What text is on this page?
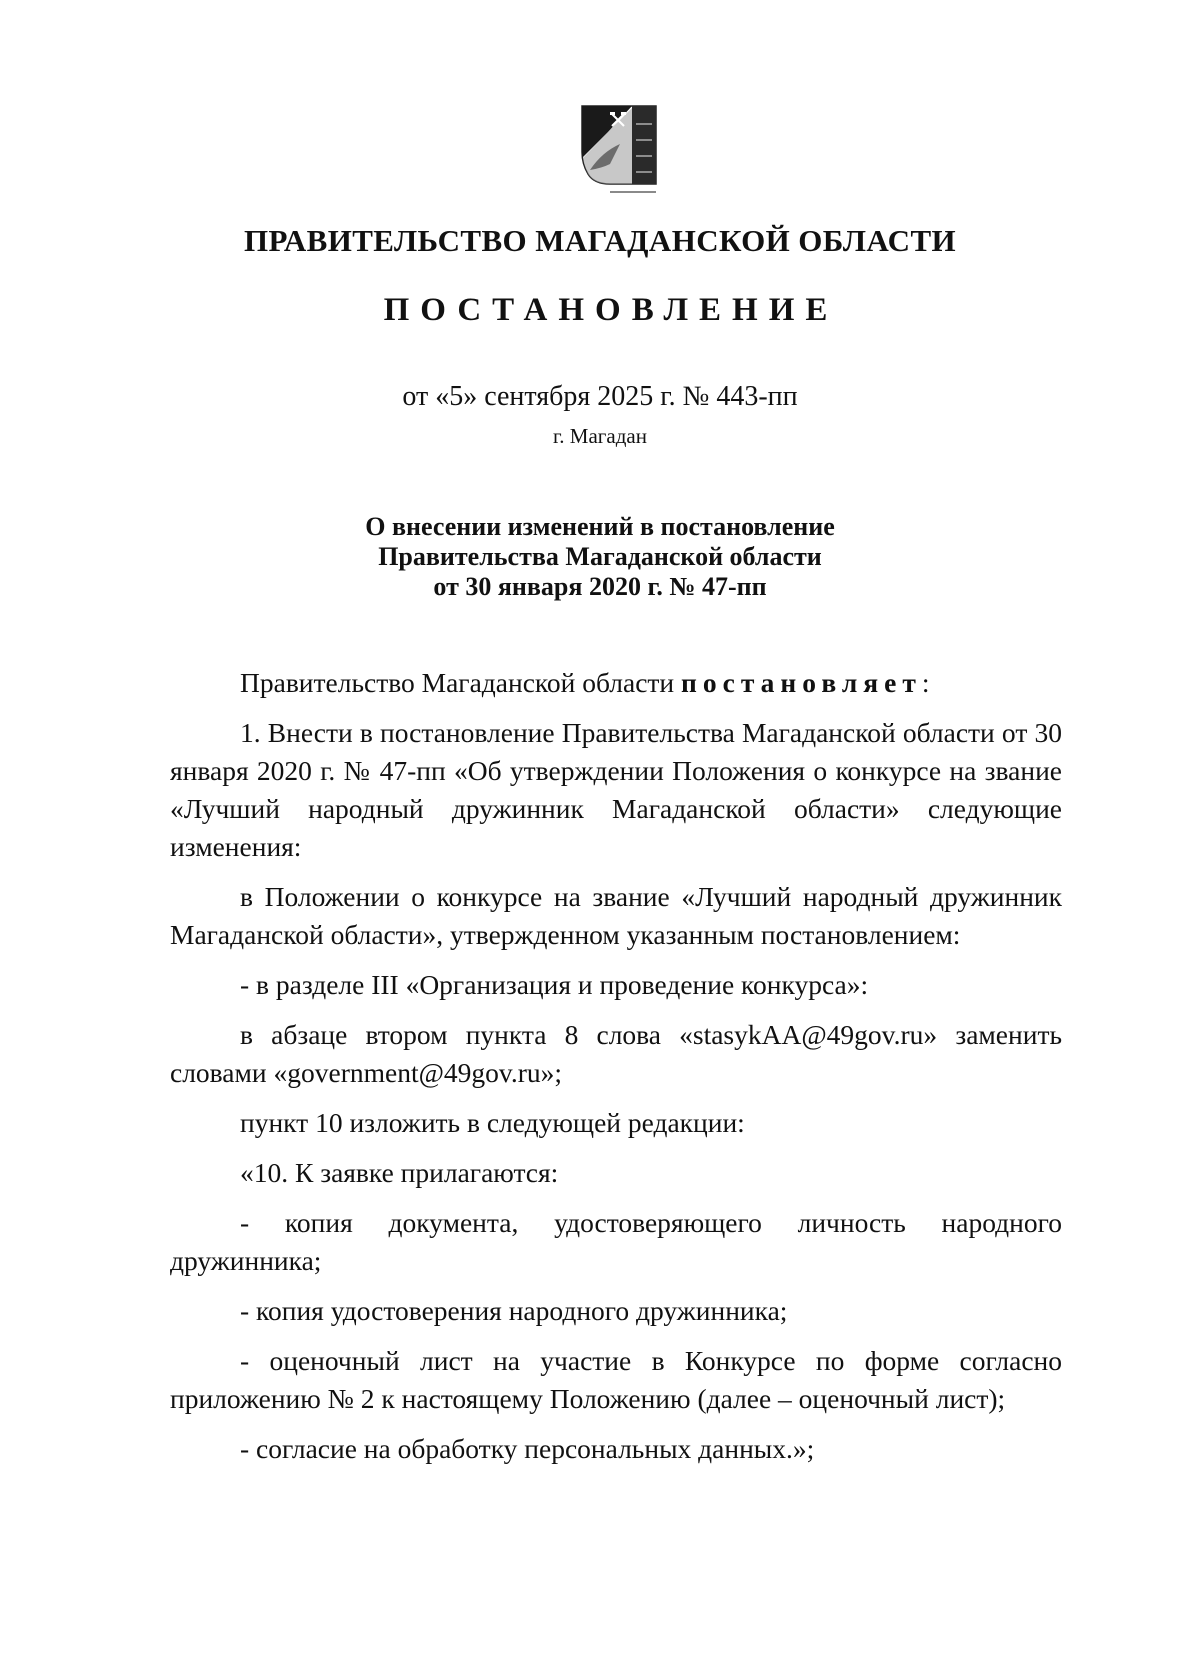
ПРАВИТЕЛЬСТВО МАГАДАНСКОЙ ОБЛАСТИ
ПОСТАНОВЛЕНИЕ
от «5» сентября 2025 г. № 443-пп
г. Магадан
О внесении изменений в постановление
Правительства Магаданской области
от 30 января 2020 г. № 47-пп

Правительство Магаданской области постановляет:

1. Внести в постановление Правительства Магаданской области от 30 января 2020 г. № 47-пп «Об утверждении Положения о конкурсе на звание «Лучший народный дружинник Магаданской области» следующие изменения:

в Положении о конкурсе на звание «Лучший народный дружинник Магаданской области», утвержденном указанным постановлением:

- в разделе III «Организация и проведение конкурса»:

в абзаце втором пункта 8 слова «stasykAA@49gov.ru» заменить словами «government@49gov.ru»;

пункт 10 изложить в следующей редакции:

«10. К заявке прилагаются:

- копия документа, удостоверяющего личность народного дружинника;

- копия удостоверения народного дружинника;

- оценочный лист на участие в Конкурсе по форме согласно приложению № 2 к настоящему Положению (далее – оценочный лист);

- согласие на обработку персональных данных.»;
